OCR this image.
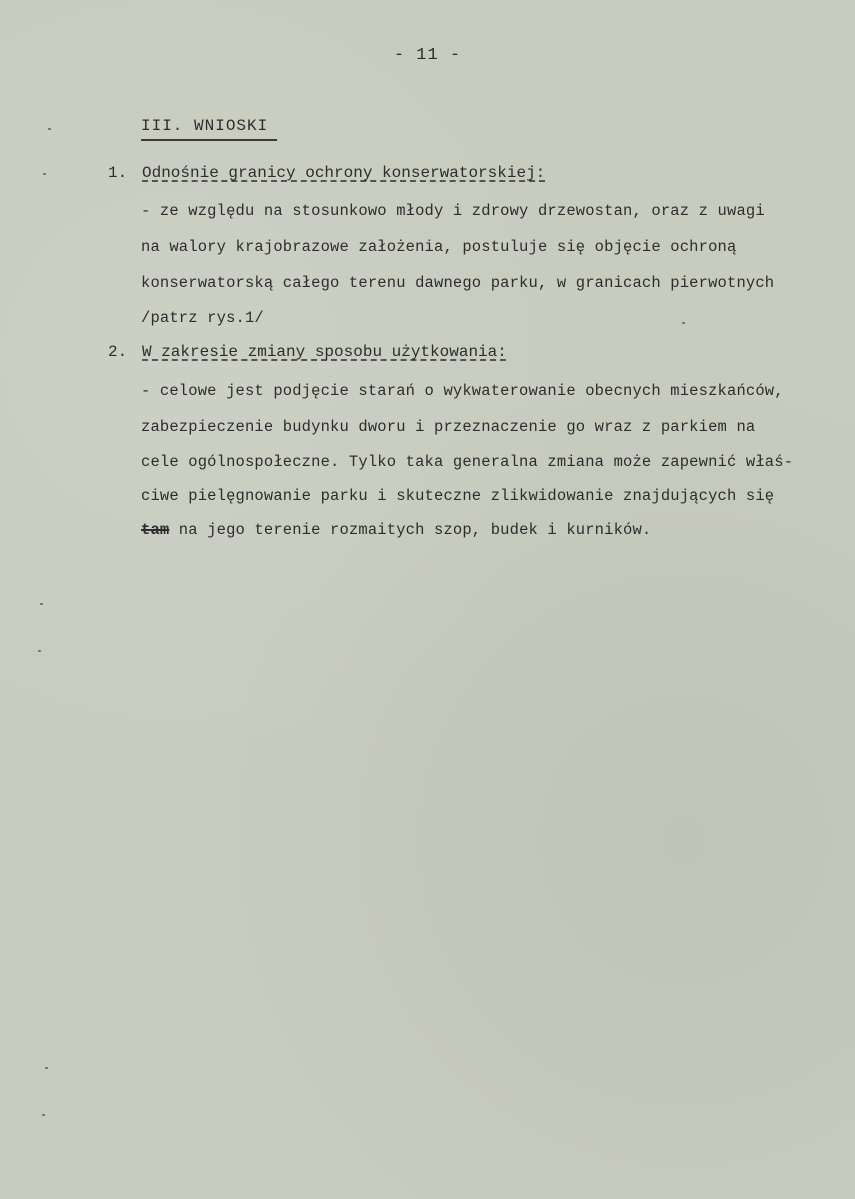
- 11 -
III. WNIOSKI
1. Odnośnie granicy ochrony konserwatorskiej:
- ze względu na stosunkowo młody i zdrowy drzewostan, oraz z uwagi
na walory krajobrazowe założenia, postuluje się objęcie ochroną
konserwatorską całego terenu dawnego parku, w granicach pierwotnych
/patrz rys.1/
2. W zakresie zmiany sposobu użytkowania:
- celowe jest podjęcie starań o wykwaterowanie obecnych mieszkańców,
zabezpieczenie budynku dworu i przeznaczenie go wraz z parkiem na
cele ogólnospołeczne. Tylko taka generalna zmiana może zapewnić właś-
ciwe pielęgnowanie parku i skuteczne zlikwidowanie znajdujących się
tam na jego terenie rozmaitych szop, budek i kurników.
